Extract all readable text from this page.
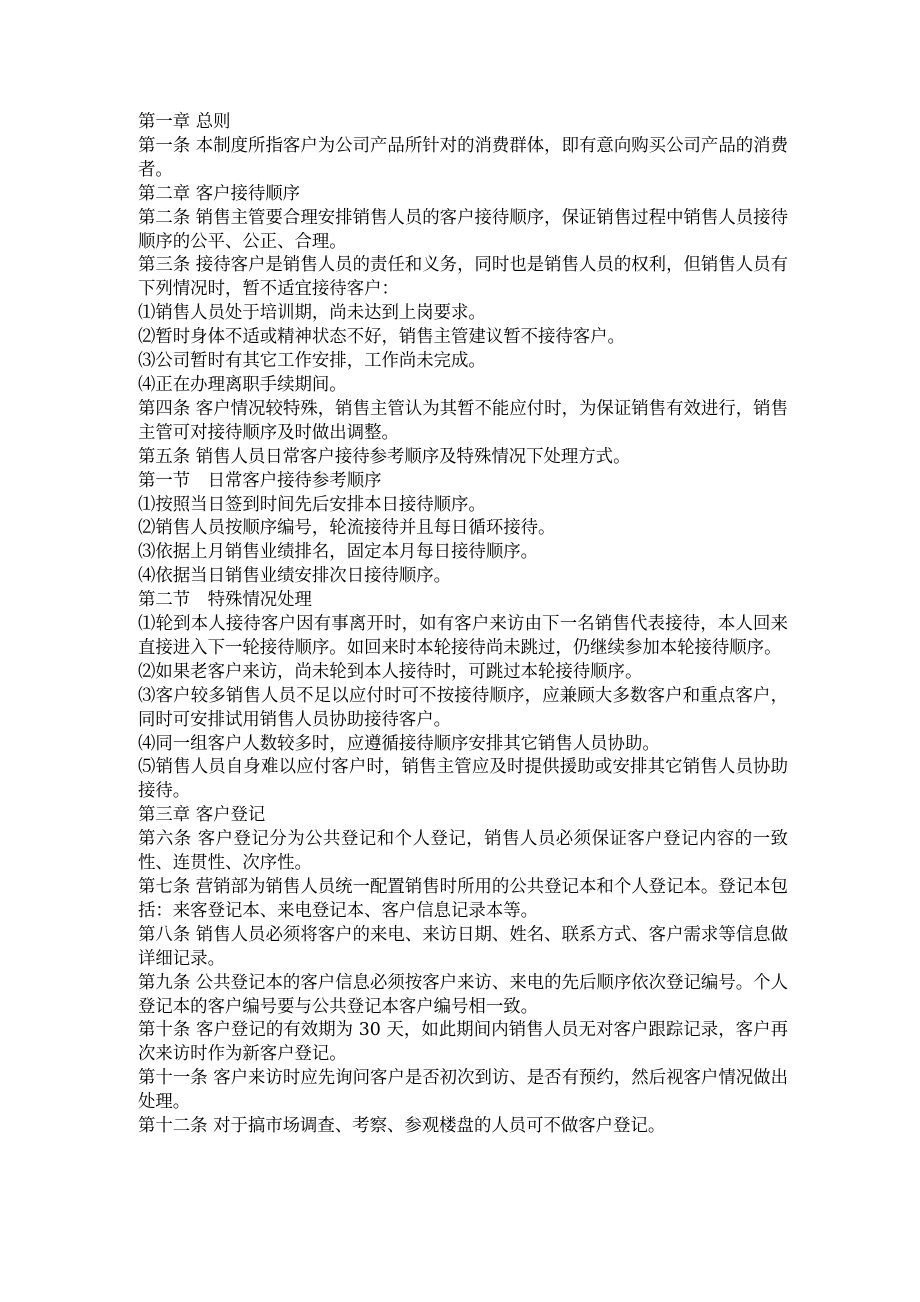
第一章 总则

第一条 本制度所指客户为公司产品所针对的消费群体，即有意向购买公司产品的消费者。

第二章 客户接待顺序

第二条 销售主管要合理安排销售人员的客户接待顺序，保证销售过程中销售人员接待顺序的公平、公正、合理。

第三条 接待客户是销售人员的责任和义务，同时也是销售人员的权利，但销售人员有下列情况时，暂不适宜接待客户：

⑴销售人员处于培训期，尚未达到上岗要求。

⑵暂时身体不适或精神状态不好，销售主管建议暂不接待客户。

⑶公司暂时有其它工作安排，工作尚未完成。

⑷正在办理离职手续期间。

第四条 客户情况较特殊，销售主管认为其暂不能应付时，为保证销售有效进行，销售主管可对接待顺序及时做出调整。

第五条 销售人员日常客户接待参考顺序及特殊情况下处理方式。

第一节　日常客户接待参考顺序

⑴按照当日签到时间先后安排本日接待顺序。

⑵销售人员按顺序编号，轮流接待并且每日循环接待。

⑶依据上月销售业绩排名，固定本月每日接待顺序。

⑷依据当日销售业绩安排次日接待顺序。

第二节　特殊情况处理

⑴轮到本人接待客户因有事离开时，如有客户来访由下一名销售代表接待，本人回来直接进入下一轮接待顺序。如回来时本轮接待尚未跳过，仍继续参加本轮接待顺序。

⑵如果老客户来访，尚未轮到本人接待时，可跳过本轮接待顺序。

⑶客户较多销售人员不足以应付时可不按接待顺序，应兼顾大多数客户和重点客户，同时可安排试用销售人员协助接待客户。

⑷同一组客户人数较多时，应遵循接待顺序安排其它销售人员协助。

⑸销售人员自身难以应付客户时，销售主管应及时提供援助或安排其它销售人员协助接待。

第三章 客户登记

第六条 客户登记分为公共登记和个人登记，销售人员必须保证客户登记内容的一致性、连贯性、次序性。

第七条 营销部为销售人员统一配置销售时所用的公共登记本和个人登记本。登记本包括：来客登记本、来电登记本、客户信息记录本等。

第八条 销售人员必须将客户的来电、来访日期、姓名、联系方式、客户需求等信息做详细记录。

第九条 公共登记本的客户信息必须按客户来访、来电的先后顺序依次登记编号。个人登记本的客户编号要与公共登记本客户编号相一致。

第十条 客户登记的有效期为 30 天，如此期间内销售人员无对客户跟踪记录，客户再次来访时作为新客户登记。

第十一条 客户来访时应先询问客户是否初次到访、是否有预约，然后视客户情况做出处理。

第十二条 对于搞市场调查、考察、参观楼盘的人员可不做客户登记。
